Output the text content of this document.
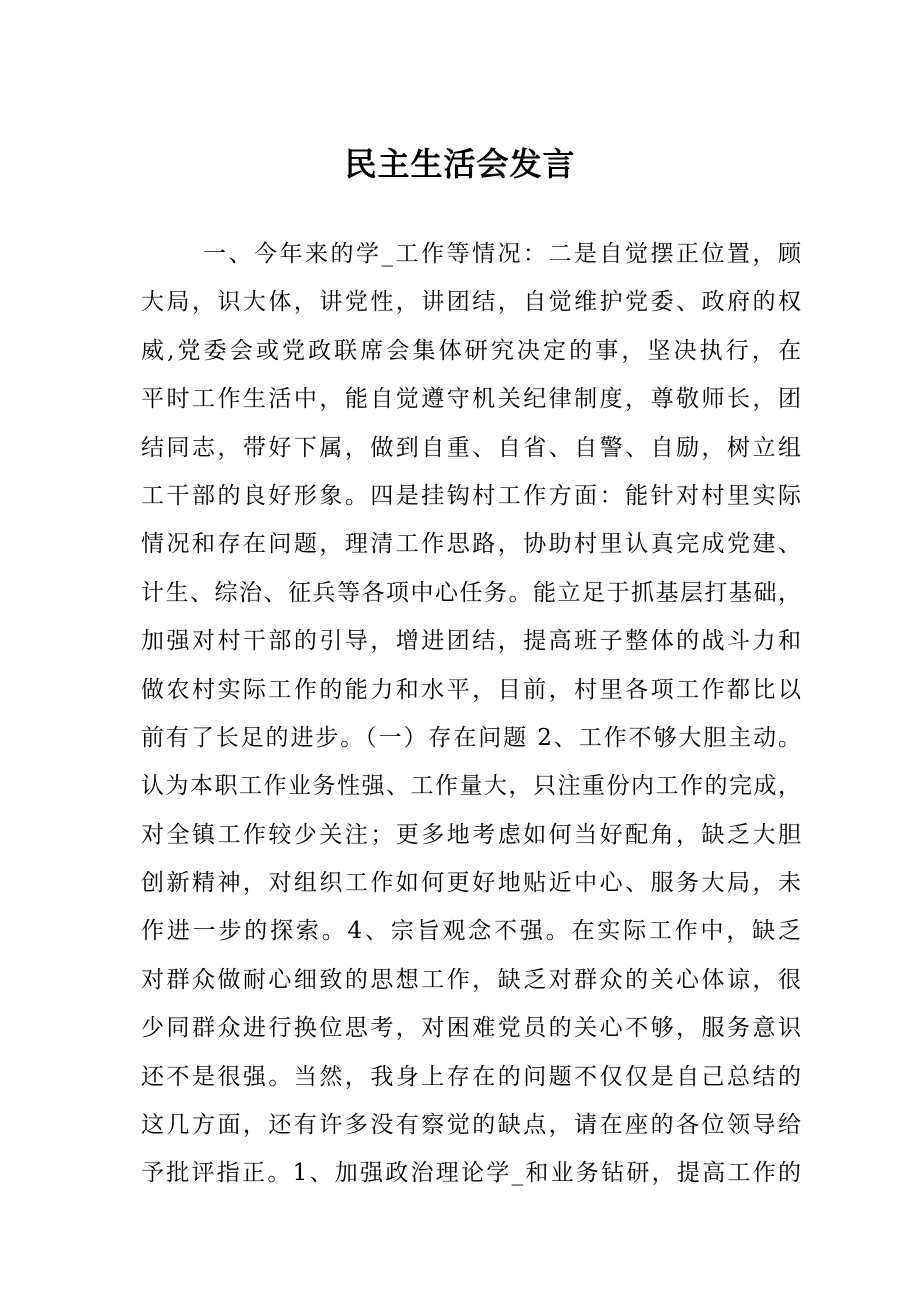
民主生活会发言
一、今年来的学_工作等情况：二是自觉摆正位置，顾
大局，识大体，讲党性，讲团结，自觉维护党委、政府的权
威,党委会或党政联席会集体研究决定的事，坚决执行，在
平时工作生活中，能自觉遵守机关纪律制度，尊敬师长，团
结同志，带好下属，做到自重、自省、自警、自励，树立组
工干部的良好形象。四是挂钩村工作方面：能针对村里实际
情况和存在问题，理清工作思路，协助村里认真完成党建、
计生、综治、征兵等各项中心任务。能立足于抓基层打基础，
加强对村干部的引导，增进团结，提高班子整体的战斗力和
做农村实际工作的能力和水平，目前，村里各项工作都比以
前有了长足的进步。（一）存在问题 2、工作不够大胆主动。
认为本职工作业务性强、工作量大，只注重份内工作的完成，
对全镇工作较少关注；更多地考虑如何当好配角，缺乏大胆
创新精神，对组织工作如何更好地贴近中心、服务大局，未
作进一步的探索。4、宗旨观念不强。在实际工作中，缺乏
对群众做耐心细致的思想工作，缺乏对群众的关心体谅，很
少同群众进行换位思考，对困难党员的关心不够，服务意识
还不是很强。当然，我身上存在的问题不仅仅是自己总结的
这几方面，还有许多没有察觉的缺点，请在座的各位领导给
予批评指正。1、加强政治理论学_和业务钻研，提高工作的
